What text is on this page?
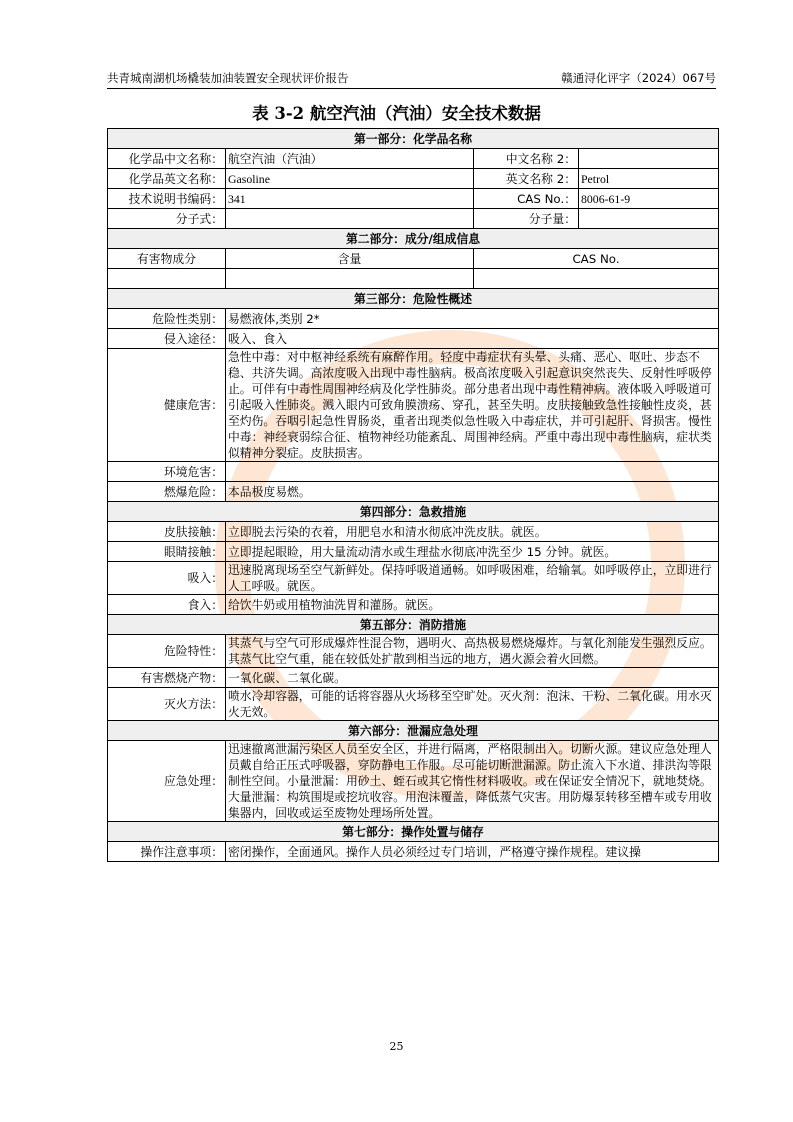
共青城南湖机场橇装加油装置安全现状评价报告	赣通浔化评字（2024）067号
表 3-2 航空汽油（汽油）安全技术数据
第一部分：化学品名称			
化学品中文名称：	航空汽油（汽油）	中文名称 2：	
化学品英文名称：	Gasoline	英文名称 2：	Petrol
技术说明书编码：	341	CAS No.：	8006-61-9
分子式：		分子量：	
第二部分：成分/组成信息			
有害物成分	含量	CAS No.	

第三部分：危险性概述			
危险性类别：	易燃液体,类别 2*		
侵入途径：	吸入、食入		
健康危害：	急性中毒：对中枢神经系统有麻醉作用。轻度中毒症状有头晕、头痛、恶心、呕吐、步态不稳、共济失调。高浓度吸入出现中毒性脑病。极高浓度吸入引起意识突然丧失、反射性呼吸停止。可伴有中毒性周围神经病及化学性肺炎。部分患者出现中毒性精神病。液体吸入呼吸道可引起吸入性肺炎。溅入眼内可致角膜溃疡、穿孔，甚至失明。皮肤接触致急性接触性皮炎，甚至灼伤。吞咽引起急性胃肠炎，重者出现类似急性吸入中毒症状，并可引起肝、肾损害。慢性中毒：神经衰弱综合征、植物神经功能紊乱、周围神经病。严重中毒出现中毒性脑病，症状类似精神分裂症。皮肤损害。		
环境危害：			
燃爆危险：	本品极度易燃。		
第四部分：急救措施			
皮肤接触：	立即脱去污染的衣着，用肥皂水和清水彻底冲洗皮肤。就医。		
眼睛接触：	立即提起眼睑，用大量流动清水或生理盐水彻底冲洗至少 15 分钟。就医。		
吸入：	迅速脱离现场至空气新鲜处。保持呼吸道通畅。如呼吸困难，给输氧。如呼吸停止，立即进行人工呼吸。就医。		
食入：	给饮牛奶或用植物油洗胃和灌肠。就医。		
第五部分：消防措施			
危险特性：	其蒸气与空气可形成爆炸性混合物，遇明火、高热极易燃烧爆炸。与氧化剂能发生强烈反应。其蒸气比空气重，能在较低处扩散到相当远的地方，遇火源会着火回燃。		
有害燃烧产物：	一氧化碳、二氧化碳。		
灭火方法：	喷水冷却容器，可能的话将容器从火场移至空旷处。灭火剂：泡沫、干粉、二氧化碳。用水灭火无效。		
第六部分：泄漏应急处理			
应急处理：	迅速撤离泄漏污染区人员至安全区，并进行隔离，严格限制出入。切断火源。建议应急处理人员戴自给正压式呼吸器，穿防静电工作服。尽可能切断泄漏源。防止流入下水道、排洪沟等限制性空间。小量泄漏：用砂土、蛭石或其它惰性材料吸收。或在保证安全情况下，就地焚烧。大量泄漏：构筑围堤或挖坑收容。用泡沫覆盖，降低蒸气灾害。用防爆泵转移至槽车或专用收集器内，回收或运至废物处理场所处置。		
第七部分：操作处置与储存			
操作注意事项：	密闭操作，全面通风。操作人员必须经过专门培训，严格遵守操作规程。建议操		
25
